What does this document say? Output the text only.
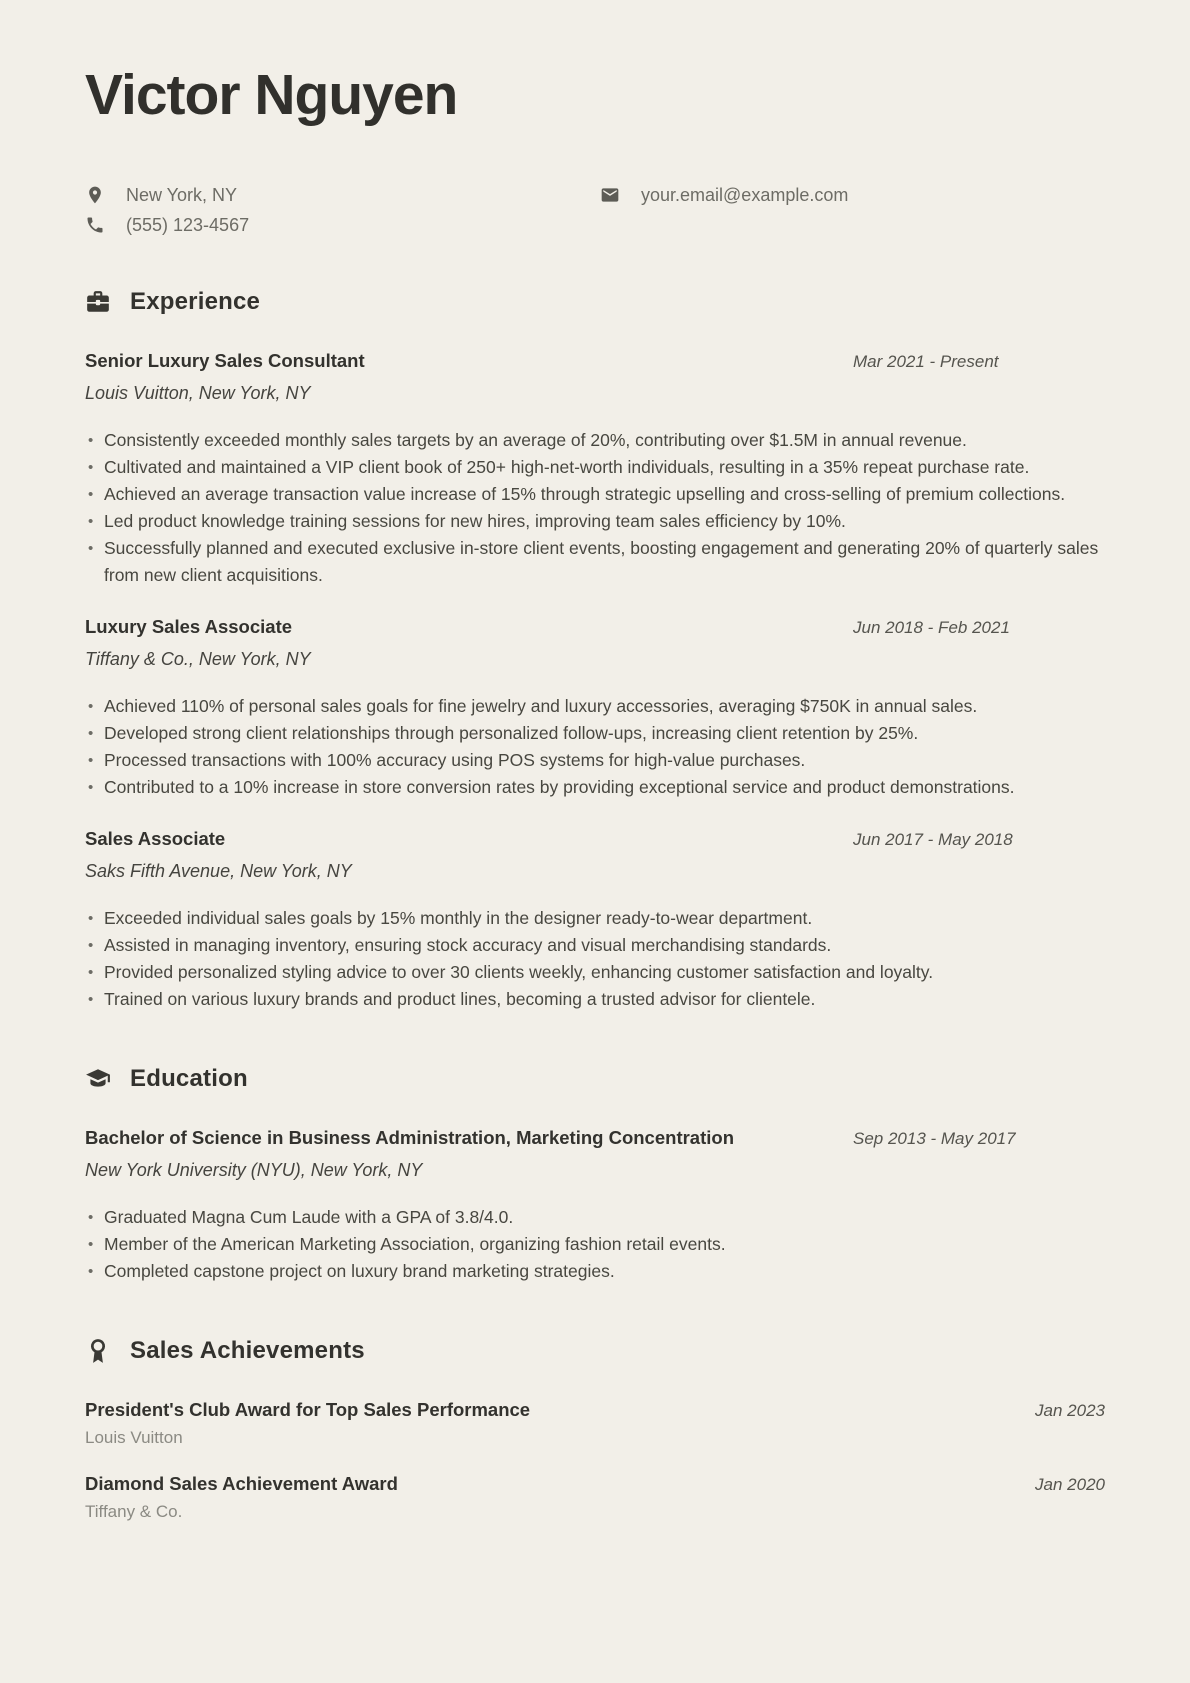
Victor Nguyen
New York, NY
(555) 123-4567
your.email@example.com
Experience
Senior Luxury Sales Consultant	Mar 2021 - Present
Louis Vuitton, New York, NY
• Consistently exceeded monthly sales targets by an average of 20%, contributing over $1.5M in annual revenue.
• Cultivated and maintained a VIP client book of 250+ high-net-worth individuals, resulting in a 35% repeat purchase rate.
• Achieved an average transaction value increase of 15% through strategic upselling and cross-selling of premium collections.
• Led product knowledge training sessions for new hires, improving team sales efficiency by 10%.
• Successfully planned and executed exclusive in-store client events, boosting engagement and generating 20% of quarterly sales from new client acquisitions.
Luxury Sales Associate	Jun 2018 - Feb 2021
Tiffany & Co., New York, NY
• Achieved 110% of personal sales goals for fine jewelry and luxury accessories, averaging $750K in annual sales.
• Developed strong client relationships through personalized follow-ups, increasing client retention by 25%.
• Processed transactions with 100% accuracy using POS systems for high-value purchases.
• Contributed to a 10% increase in store conversion rates by providing exceptional service and product demonstrations.
Sales Associate	Jun 2017 - May 2018
Saks Fifth Avenue, New York, NY
• Exceeded individual sales goals by 15% monthly in the designer ready-to-wear department.
• Assisted in managing inventory, ensuring stock accuracy and visual merchandising standards.
• Provided personalized styling advice to over 30 clients weekly, enhancing customer satisfaction and loyalty.
• Trained on various luxury brands and product lines, becoming a trusted advisor for clientele.
Education
Bachelor of Science in Business Administration, Marketing Concentration	Sep 2013 - May 2017
New York University (NYU), New York, NY
• Graduated Magna Cum Laude with a GPA of 3.8/4.0.
• Member of the American Marketing Association, organizing fashion retail events.
• Completed capstone project on luxury brand marketing strategies.
Sales Achievements
President's Club Award for Top Sales Performance	Jan 2023
Louis Vuitton
Diamond Sales Achievement Award	Jan 2020
Tiffany & Co.
